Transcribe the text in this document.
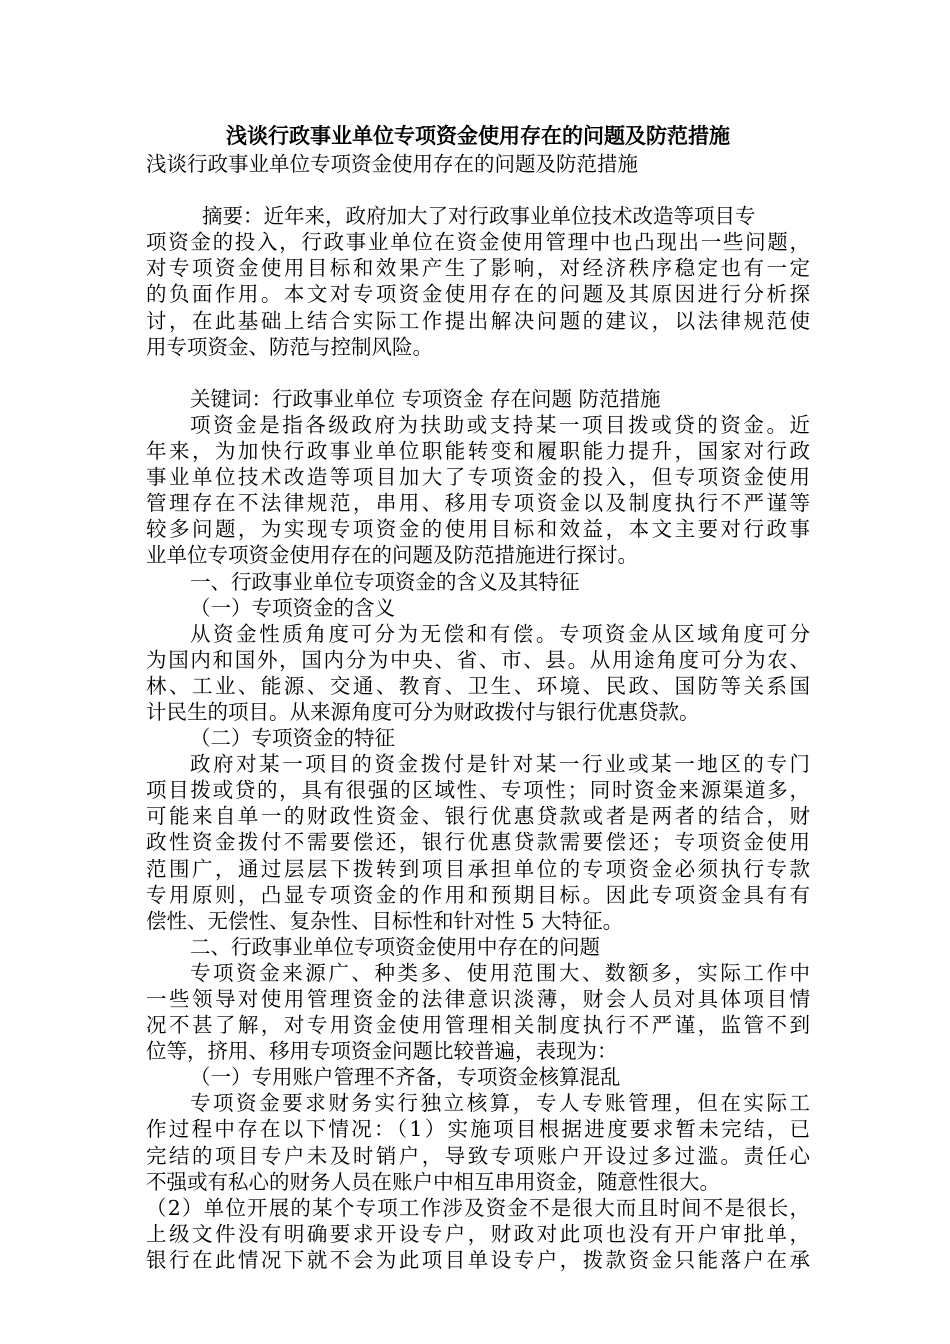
浅谈行政事业单位专项资金使用存在的问题及防范措施
浅谈行政事业单位专项资金使用存在的问题及防范措施
摘要：近年来，政府加大了对行政事业单位技术改造等项目专
项资金的投入，行政事业单位在资金使用管理中也凸现出一些问题，
对专项资金使用目标和效果产生了影响，对经济秩序稳定也有一定
的负面作用。本文对专项资金使用存在的问题及其原因进行分析探
讨，在此基础上结合实际工作提出解决问题的建议，以法律规范使
用专项资金、防范与控制风险。
关键词：行政事业单位 专项资金 存在问题 防范措施
项资金是指各级政府为扶助或支持某一项目拨或贷的资金。近
年来，为加快行政事业单位职能转变和履职能力提升，国家对行政
事业单位技术改造等项目加大了专项资金的投入，但专项资金使用
管理存在不法律规范，串用、移用专项资金以及制度执行不严谨等
较多问题，为实现专项资金的使用目标和效益，本文主要对行政事
业单位专项资金使用存在的问题及防范措施进行探讨。
一、行政事业单位专项资金的含义及其特征
（一）专项资金的含义
从资金性质角度可分为无偿和有偿。专项资金从区域角度可分
为国内和国外，国内分为中央、省、市、县。从用途角度可分为农、
林、工业、能源、交通、教育、卫生、环境、民政、国防等关系国
计民生的项目。从来源角度可分为财政拨付与银行优惠贷款。
（二）专项资金的特征
政府对某一项目的资金拨付是针对某一行业或某一地区的专门
项目拨或贷的，具有很强的区域性、专项性；同时资金来源渠道多，
可能来自单一的财政性资金、银行优惠贷款或者是两者的结合，财
政性资金拨付不需要偿还，银行优惠贷款需要偿还；专项资金使用
范围广，通过层层下拨转到项目承担单位的专项资金必须执行专款
专用原则，凸显专项资金的作用和预期目标。因此专项资金具有有
偿性、无偿性、复杂性、目标性和针对性 5 大特征。
二、行政事业单位专项资金使用中存在的问题
专项资金来源广、种类多、使用范围大、数额多，实际工作中
一些领导对使用管理资金的法律意识淡薄，财会人员对具体项目情
况不甚了解，对专用资金使用管理相关制度执行不严谨，监管不到
位等，挤用、移用专项资金问题比较普遍，表现为：
（一）专用账户管理不齐备，专项资金核算混乱
专项资金要求财务实行独立核算，专人专账管理，但在实际工
作过程中存在以下情况：（1）实施项目根据进度要求暂未完结，已
完结的项目专户未及时销户，导致专项账户开设过多过滥。责任心
不强或有私心的财务人员在账户中相互串用资金，随意性很大。
（2）单位开展的某个专项工作涉及资金不是很大而且时间不是很长，
上级文件没有明确要求开设专户，财政对此项也没有开户审批单，
银行在此情况下就不会为此项目单设专户，拨款资金只能落户在承
